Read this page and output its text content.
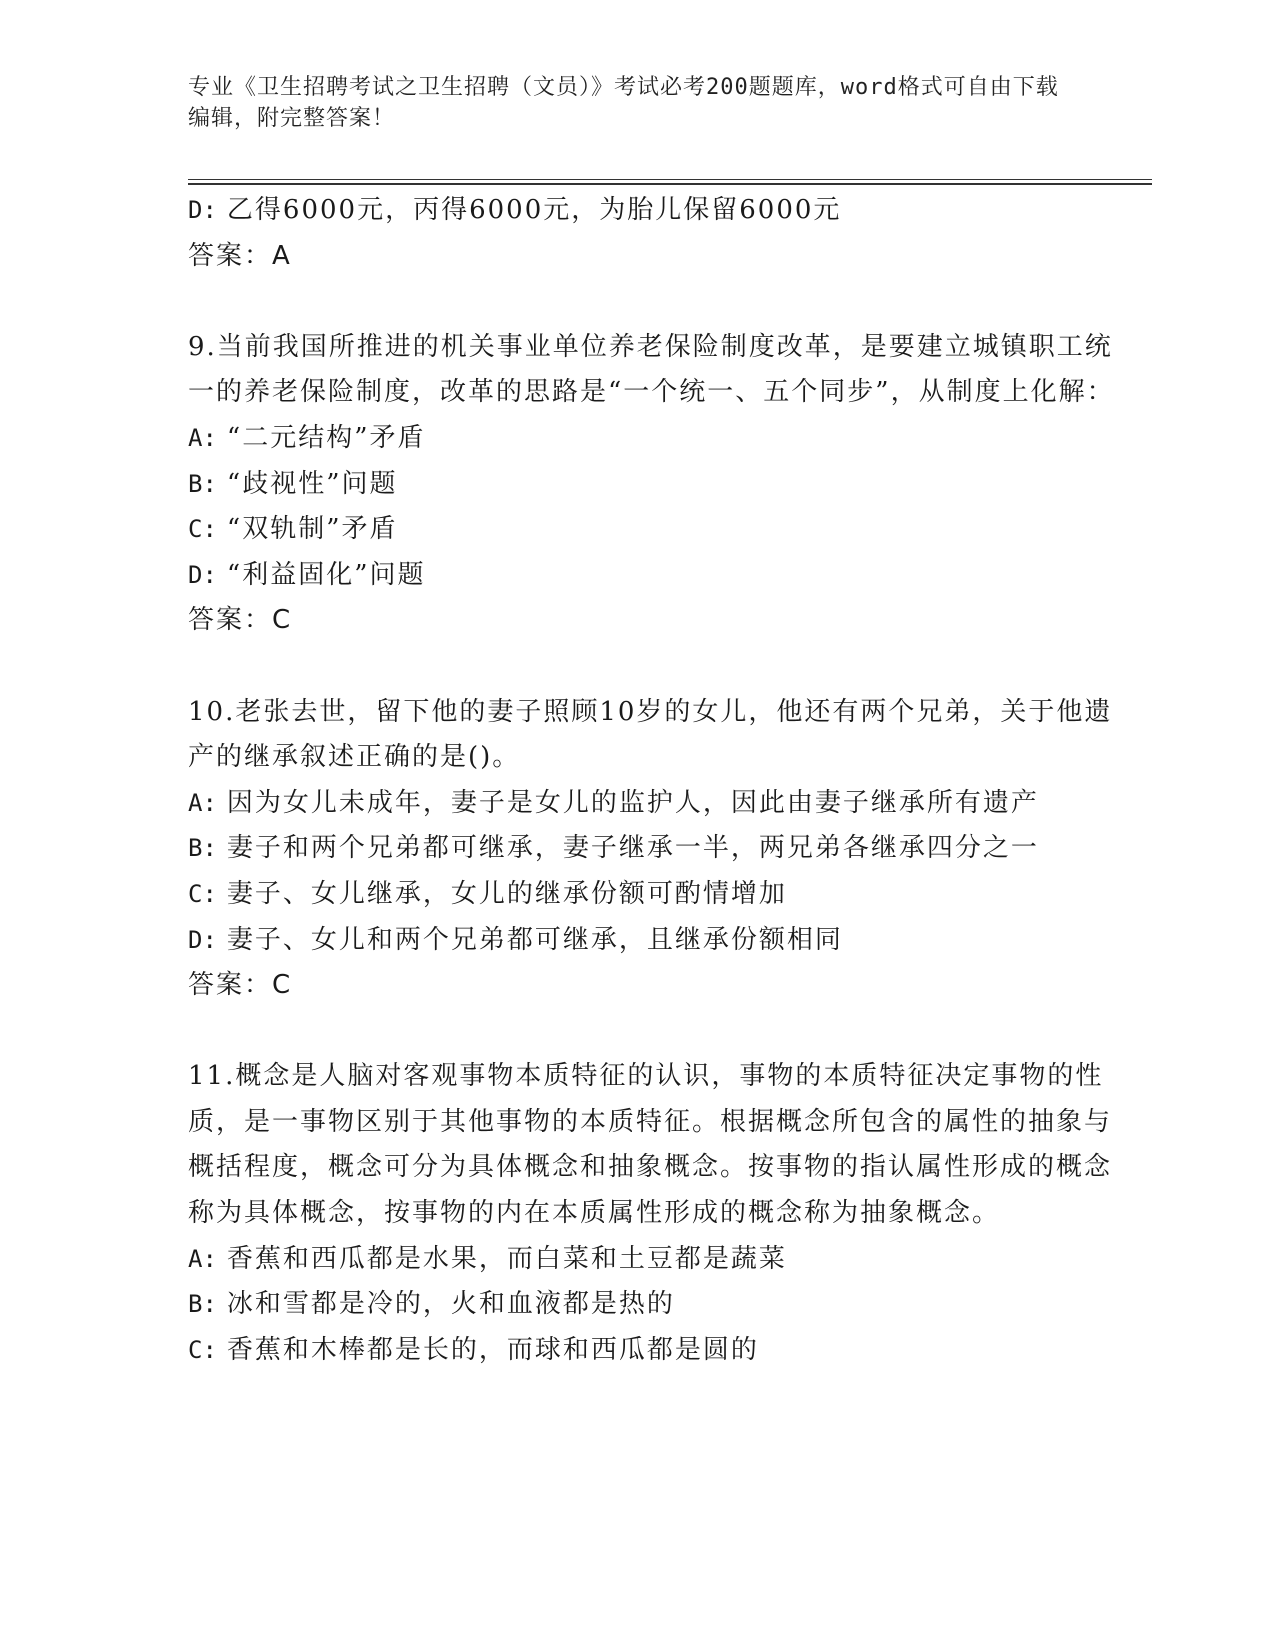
专业《卫生招聘考试之卫生招聘（文员）》考试必考200题题库，word格式可自由下载编辑，附完整答案！
D: 乙得6000元，丙得6000元，为胎儿保留6000元
答案：A
9.当前我国所推进的机关事业单位养老保险制度改革，是要建立城镇职工统一的养老保险制度，改革的思路是“一个统一、五个同步”，从制度上化解：
A: “二元结构”矛盾
B: “歧视性”问题
C: “双轨制”矛盾
D: “利益固化”问题
答案：C
10.老张去世，留下他的妻子照顾10岁的女儿，他还有两个兄弟，关于他遗产的继承叙述正确的是()。
A: 因为女儿未成年，妻子是女儿的监护人，因此由妻子继承所有遗产
B: 妻子和两个兄弟都可继承，妻子继承一半，两兄弟各继承四分之一
C: 妻子、女儿继承，女儿的继承份额可酌情增加
D: 妻子、女儿和两个兄弟都可继承，且继承份额相同
答案：C
11.概念是人脑对客观事物本质特征的认识，事物的本质特征决定事物的性质，是一事物区别于其他事物的本质特征。根据概念所包含的属性的抽象与概括程度，概念可分为具体概念和抽象概念。按事物的指认属性形成的概念称为具体概念，按事物的内在本质属性形成的概念称为抽象概念。
A: 香蕉和西瓜都是水果，而白菜和土豆都是蔬菜
B: 冰和雪都是冷的，火和血液都是热的
C: 香蕉和木棒都是长的，而球和西瓜都是圆的
